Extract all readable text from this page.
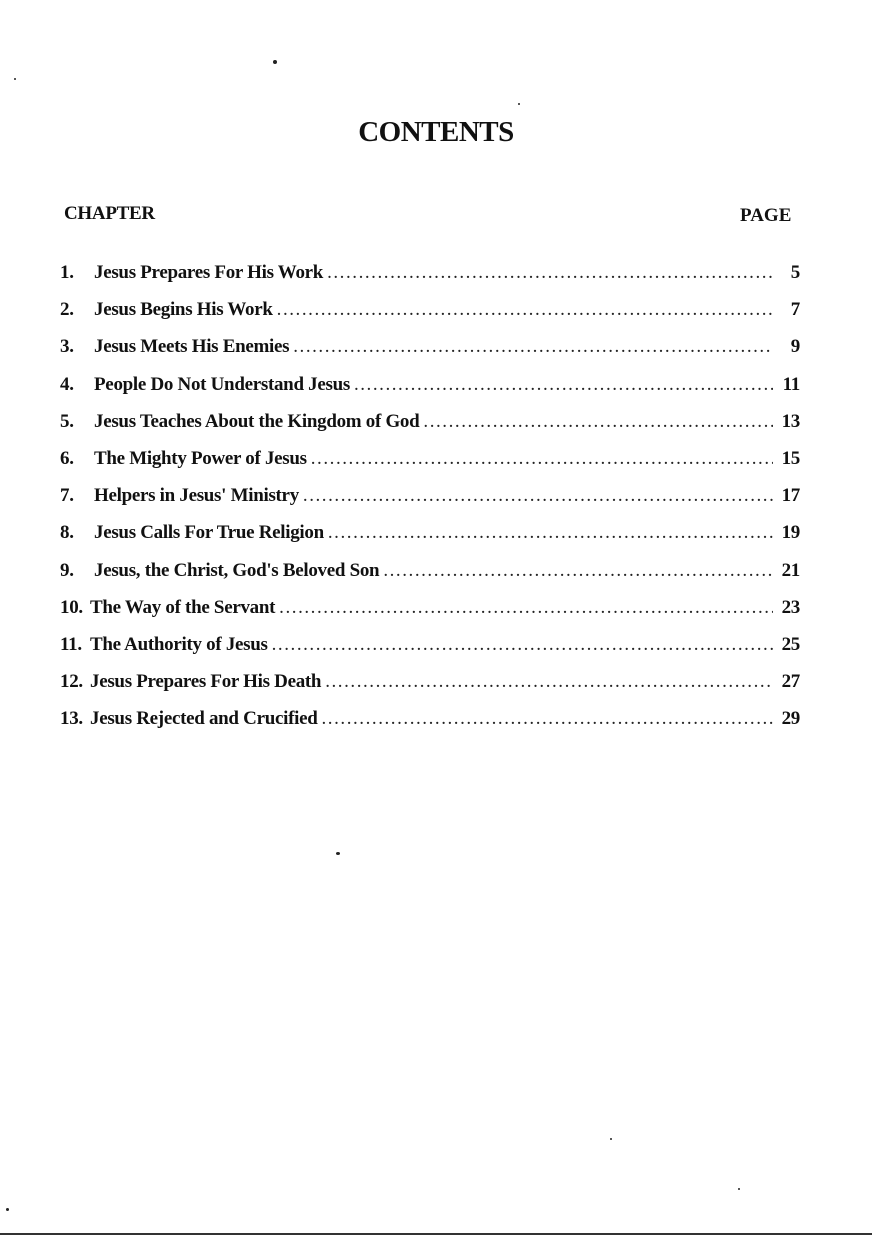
CONTENTS
CHAPTER	PAGE
1.	Jesus Prepares For His Work . . .	5
2.	Jesus Begins His Work . . .	7
3.	Jesus Meets His Enemies . . .	9
4.	People Do Not Understand Jesus . . .	11
5.	Jesus Teaches About the Kingdom of God . . .	13
6.	The Mighty Power of Jesus . . .	15
7.	Helpers in Jesus' Ministry . . .	17
8.	Jesus Calls For True Religion . . .	19
9.	Jesus, the Christ, God's Beloved Son . . .	21
10. The Way of the Servant . . .	23
11. The Authority of Jesus . . .	25
12. Jesus Prepares For His Death . . .	27
13. Jesus Rejected and Crucified . . .	29
